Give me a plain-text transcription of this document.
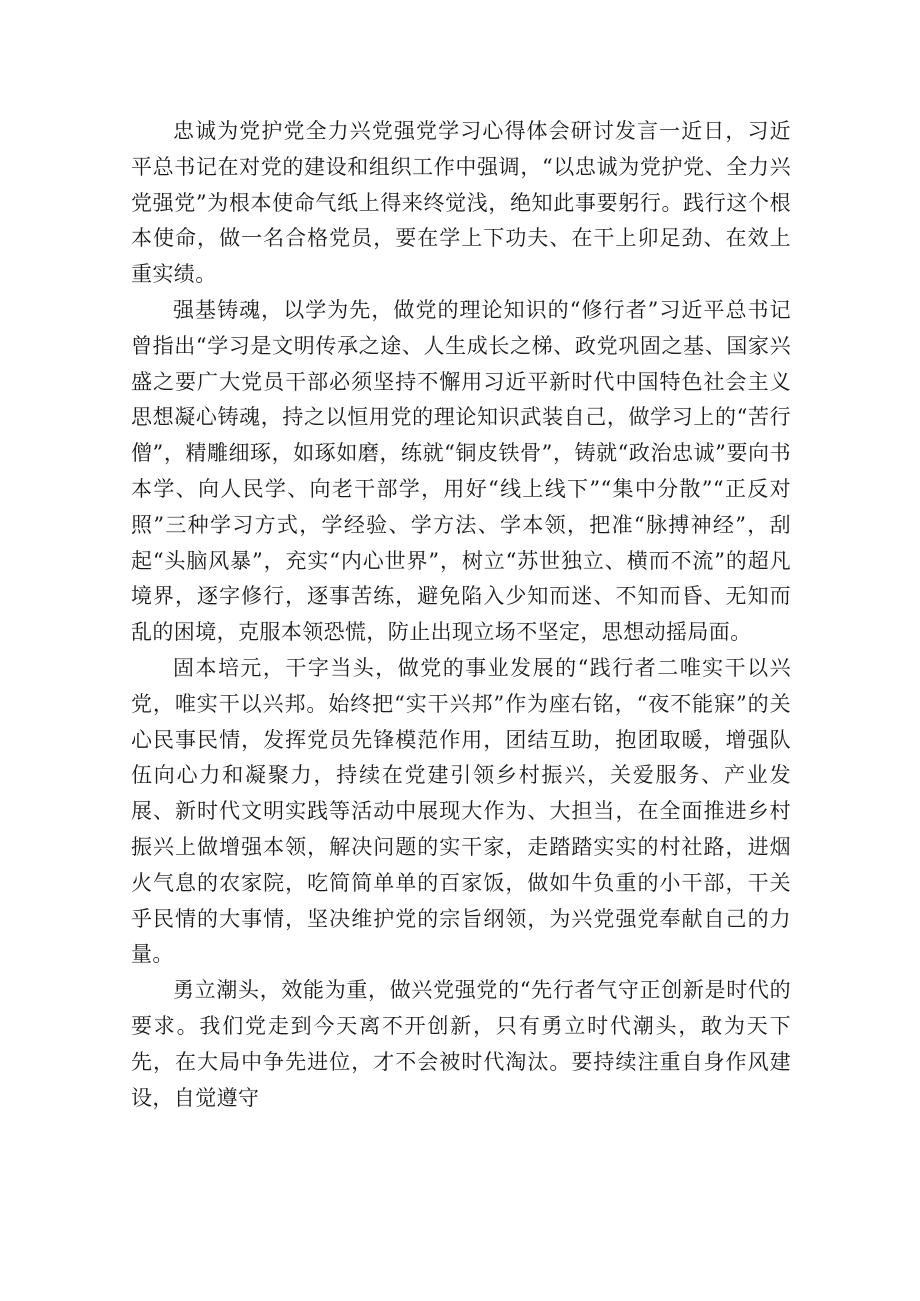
忠诚为党护党全力兴党强党学习心得体会研讨发言一近日，习近平总书记在对党的建设和组织工作中强调，“以忠诚为党护党、全力兴党强党”为根本使命气纸上得来终觉浅，绝知此事要躬行。践行这个根本使命，做一名合格党员，要在学上下功夫、在干上卯足劲、在效上重实绩。

强基铸魂，以学为先，做党的理论知识的“修行者”习近平总书记曾指出“学习是文明传承之途、人生成长之梯、政党巩固之基、国家兴盛之要广大党员干部必须坚持不懈用习近平新时代中国特色社会主义思想凝心铸魂，持之以恒用党的理论知识武装自己，做学习上的“苦行僧”，精雕细琢，如琢如磨，练就“铜皮铁骨”，铸就“政治忠诚”要向书本学、向人民学、向老干部学，用好“线上线下”“集中分散”“正反对照”三种学习方式，学经验、学方法、学本领，把准“脉搏神经”，刮起“头脑风暴”，充实“内心世界”，树立“苏世独立、横而不流”的超凡境界，逐字修行，逐事苦练，避免陷入少知而迷、不知而昏、无知而乱的困境，克服本领恐慌，防止出现立场不坚定，思想动摇局面。

固本培元，干字当头，做党的事业发展的“践行者二唯实干以兴党，唯实干以兴邦。始终把“实干兴邦”作为座右铭，“夜不能寐”的关心民事民情，发挥党员先锋模范作用，团结互助，抱团取暖，增强队伍向心力和凝聚力，持续在党建引领乡村振兴，关爱服务、产业发展、新时代文明实践等活动中展现大作为、大担当，在全面推进乡村振兴上做增强本领，解决问题的实干家，走踏踏实实的村社路，进烟火气息的农家院，吃简简单单的百家饭，做如牛负重的小干部，干关乎民情的大事情，坚决维护党的宗旨纲领，为兴党强党奉献自己的力量。

勇立潮头，效能为重，做兴党强党的“先行者气守正创新是时代的要求。我们党走到今天离不开创新，只有勇立时代潮头，敢为天下先，在大局中争先进位，才不会被时代淘汰。要持续注重自身作风建设，自觉遵守
